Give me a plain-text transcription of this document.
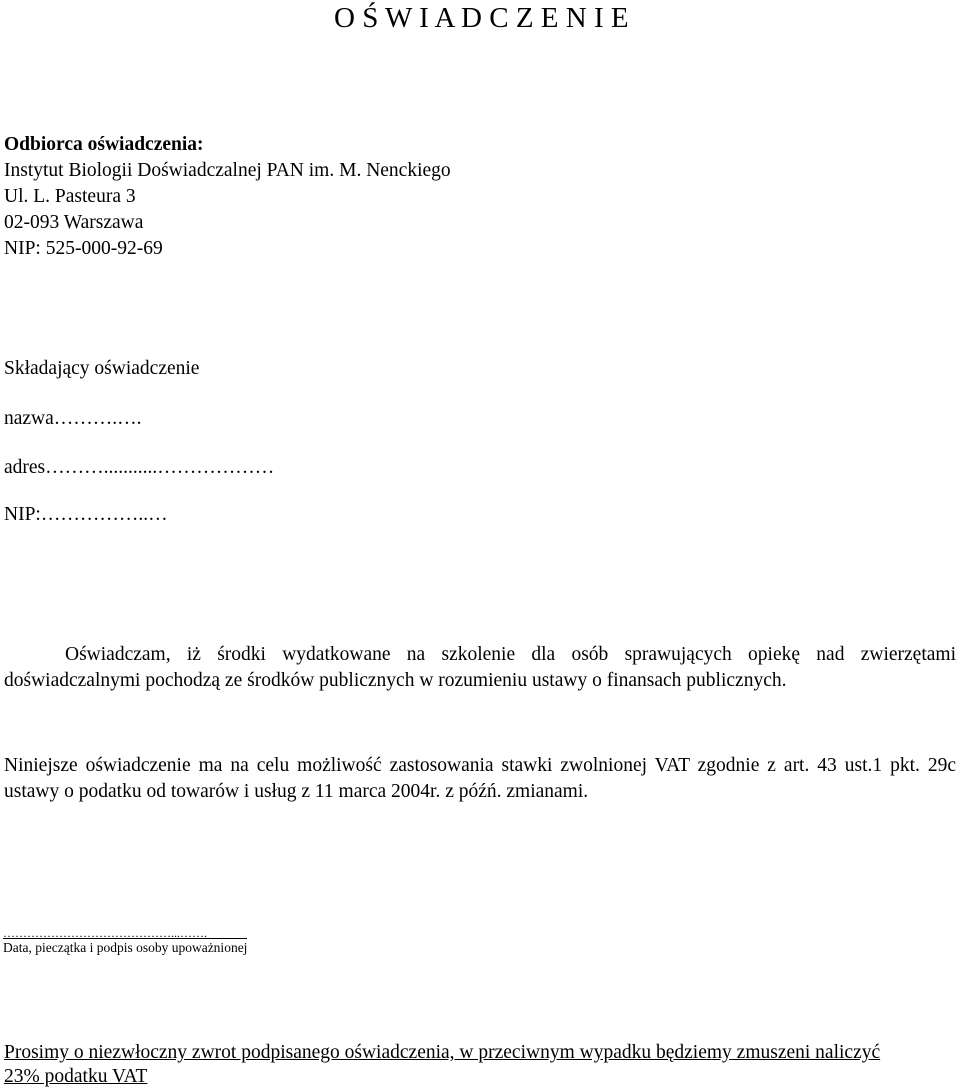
O Ś W I A D C Z E N I E
Odbiorca oświadczenia:
Instytut Biologii Doświadczalnej PAN im. M. Nenckiego
Ul. L. Pasteura 3
02-093 Warszawa
NIP: 525-000-92-69
Składający oświadczenie
nazwa……….….
adres………...........………………
NIP:……………..…

Oświadczam, iż środki wydatkowane na szkolenie dla osób sprawujących opiekę nad zwierzętami doświadczalnymi pochodzą ze środków publicznych w rozumieniu ustawy o finansach publicznych.

Niniejsze oświadczenie ma na celu możliwość zastosowania stawki zwolnionej VAT zgodnie z art. 43 ust.1 pkt. 29c ustawy o podatku od towarów i usług z 11 marca 2004r. z późń. zmianami.

……………………………………...…….
Data, pieczątka i podpis osoby upoważnionej
Prosimy o niezwłoczny zwrot podpisanego oświadczenia, w przeciwnym wypadku będziemy zmuszeni naliczyć 23% podatku VAT
